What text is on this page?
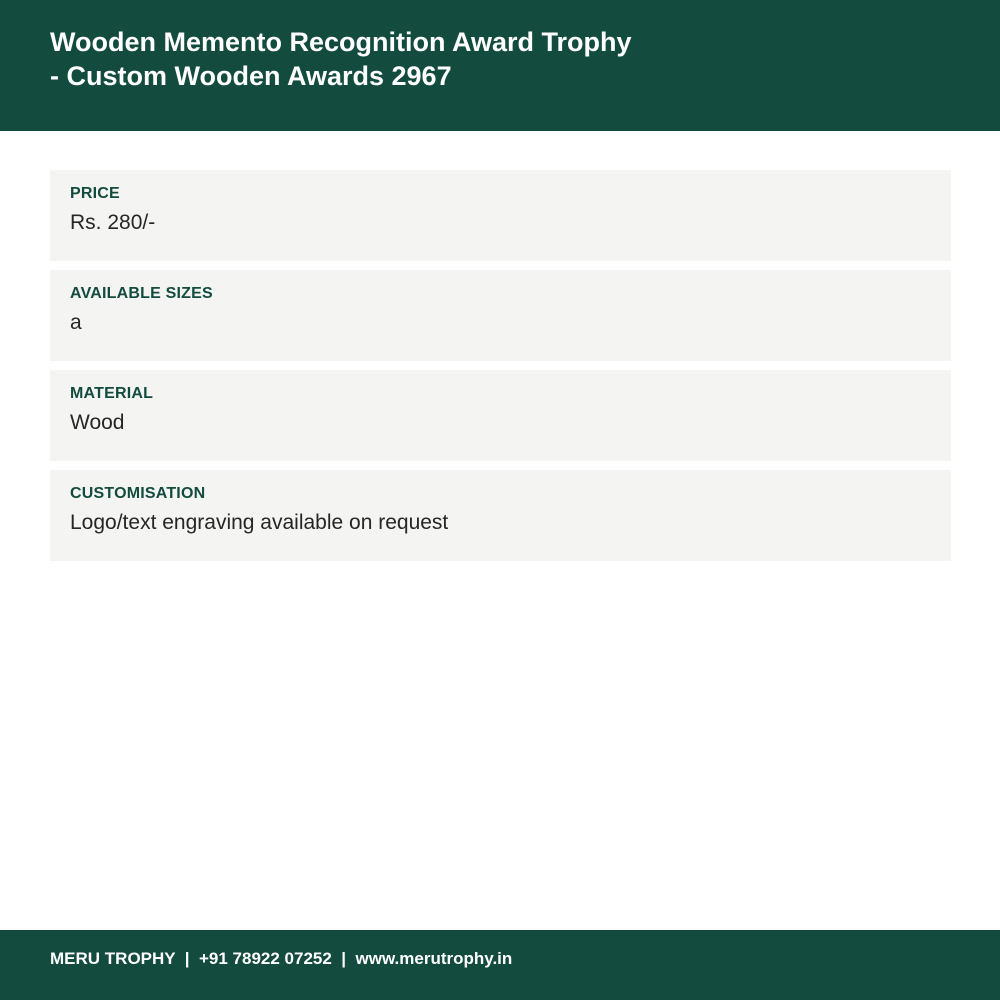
Wooden Memento Recognition Award Trophy
- Custom Wooden Awards 2967
PRICE
Rs. 280/-
AVAILABLE SIZES
a
MATERIAL
Wood
CUSTOMISATION
Logo/text engraving available on request
MERU TROPHY | +91 78922 07252 | www.merutrophy.in
